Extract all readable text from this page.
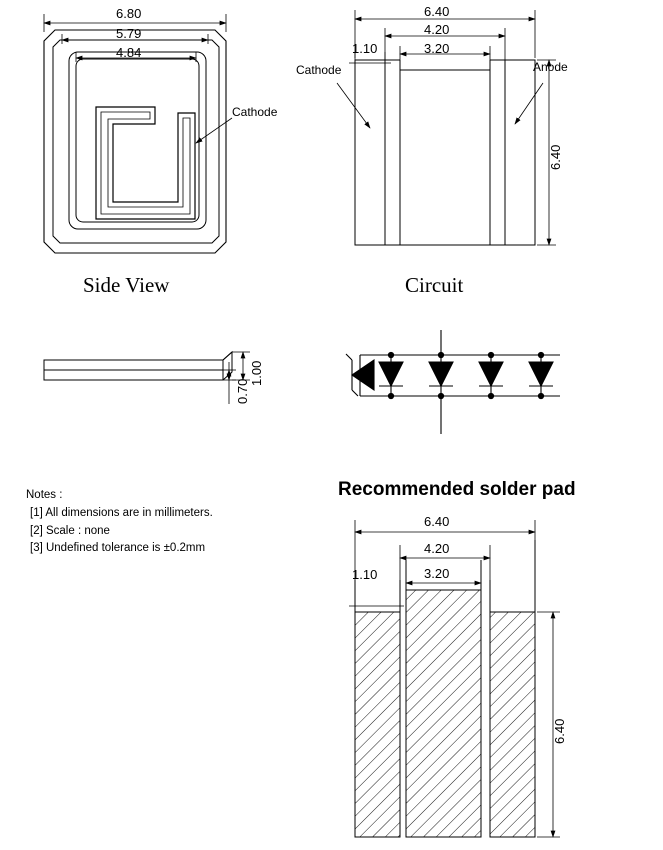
6.80
5.79
4.84
Cathode
Side View
1.00
0.70
6.40
4.20
3.20
1.10
6.40
Cathode	Anode
Circuit
Recommended solder pad
6.40
4.20
3.20
1.10
6.40
Notes :
[1] All dimensions are in millimeters.
[2] Scale : none
[3] Undefined tolerance is ±0.2mm
